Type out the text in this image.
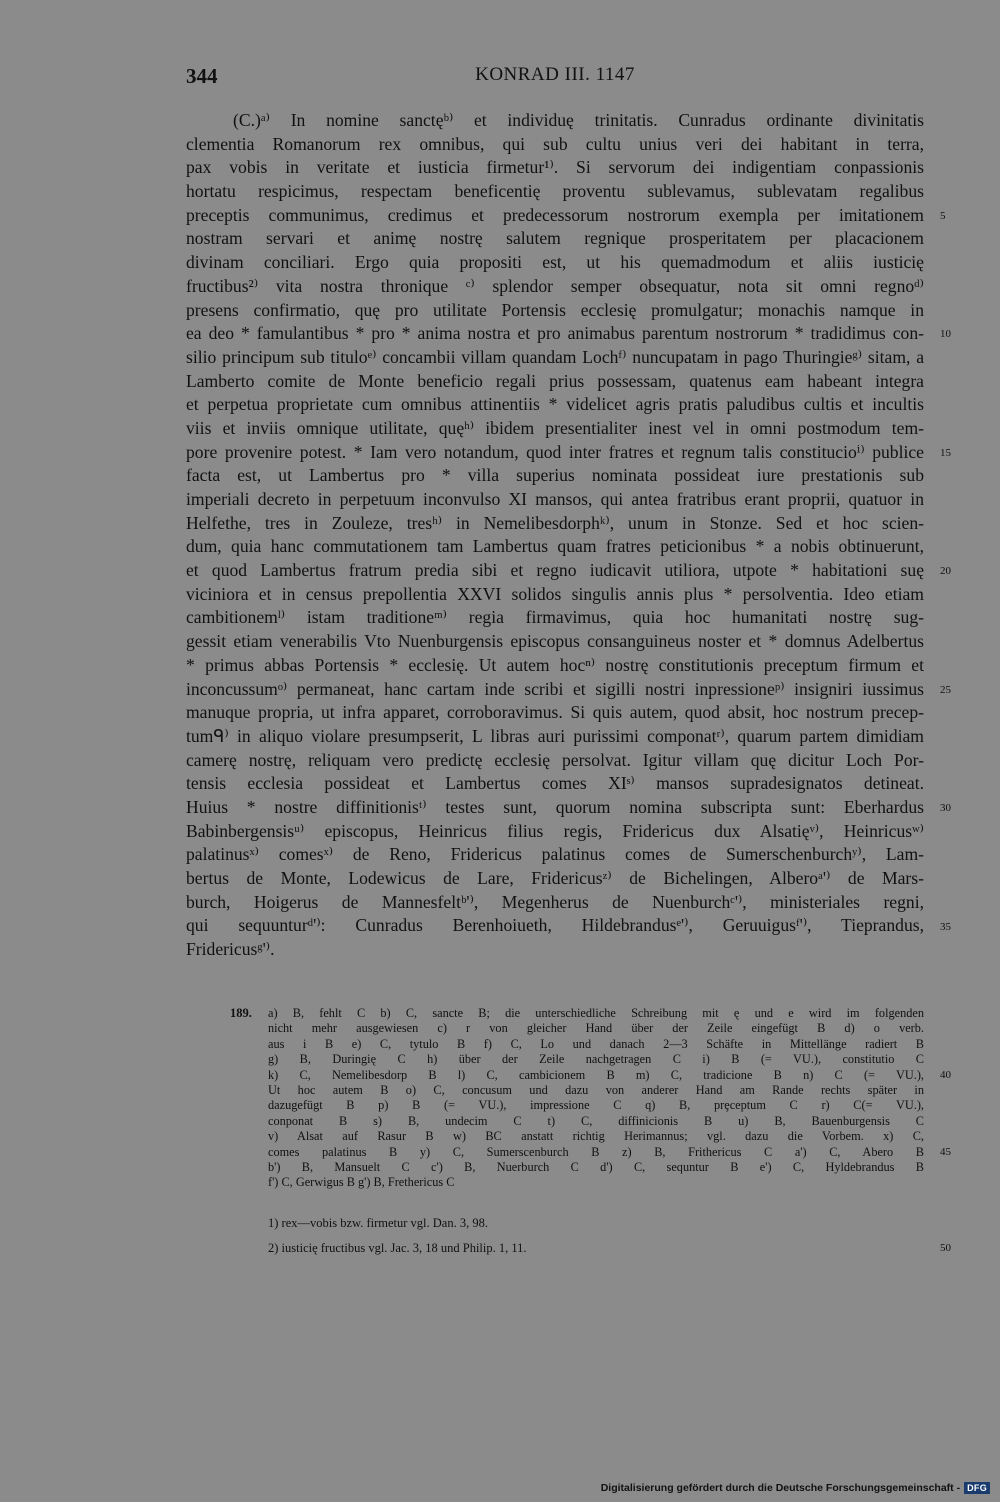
344	KONRAD III. 1147
(C.)ᵃ⁾ In nomine sanctęᵇ⁾ et individuę trinitatis. Cunradus ordinante divinitatis
clementia Romanorum rex omnibus, qui sub cultu unius veri dei habitant in terra,
pax vobis in veritate et iusticia firmetur¹⁾. Si servorum dei indigentiam conpassionis
hortatu respicimus, respectam beneficentię proventu sublevamus, sublevatam regalibus
preceptis communimus, credimus et predecessorum nostrorum exempla per imitationem
nostram servari et animę nostrę salutem regnique prosperitatem per placacionem
divinam conciliari. Ergo quia propositi est, ut his quemadmodum et aliis iusticię
fructibus²⁾ vita nostra thronique ᶜ⁾ splendor semper obsequatur, nota sit omni regnoᵈ⁾
presens confirmatio, quę pro utilitate Portensis ecclesię promulgatur; monachis namque in
ea deo * famulantibus * pro * anima nostra et pro animabus parentum nostrorum * tradidimus con-
silio principum sub tituloᵉ⁾ concambii villam quandam Lochᶠ⁾ nuncupatam in pago Thuringieᵍ⁾ sitam, a
Lamberto comite de Monte beneficio regali prius possessam, quatenus eam habeant integra
et perpetua proprietate cum omnibus attinentiis * videlicet agris pratis paludibus cultis et incultis
viis et inviis omnique utilitate, quęʰ⁾ ibidem presentialiter inest vel in omni postmodum tem-
pore provenire potest. * Iam vero notandum, quod inter fratres et regnum talis constitucioⁱ⁾ publice
facta est, ut Lambertus pro * villa superius nominata possideat iure prestationis sub
imperiali decreto in perpetuum inconvulso XI mansos, qui antea fratribus erant proprii, quatuor in
Helfethe, tres in Zouleze, tresʰ⁾ in Nemelibesdorphᵏ⁾, unum in Stonze. Sed et hoc scien-
dum, quia hanc commutationem tam Lambertus quam fratres peticionibus * a nobis obtinuerunt,
et quod Lambertus fratrum predia sibi et regno iudicavit utiliora, utpote * habitationi suę
viciniora et in census prepollentia XXVI solidos singulis annis plus * persolventia. Ideo etiam
cambitionemˡ⁾ istam traditioneᵐ⁾ regia firmavimus, quia hoc humanitati nostrę sug-
gessit etiam venerabilis Vto Nuenburgensis episcopus consanguineus noster et * domnus Adelbertus
* primus abbas Portensis * ecclesię. Ut autem hocⁿ⁾ nostrę constitutionis preceptum firmum et
inconcussumᵒ⁾ permaneat, hanc cartam inde scribi et sigilli nostri inpressioneᵖ⁾ insigniri iussimus
manuque propria, ut infra apparet, corroboravimus. Si quis autem, quod absit, hoc nostrum precep-
tumᑫ⁾ in aliquo violare presumpserit, L libras auri purissimi componatʳ⁾, quarum partem dimidiam
camerę nostrę, reliquam vero predictę ecclesię persolvat. Igitur villam quę dicitur Loch Por-
tensis ecclesia possideat et Lambertus comes XIˢ⁾ mansos supradesignatos detineat.
Huius * nostre diffinitionisᵗ⁾ testes sunt, quorum nomina subscripta sunt: Eberhardus
Babinbergensisᵘ⁾ episcopus, Heinricus filius regis, Fridericus dux Alsatięᵛ⁾, Heinricusʷ⁾
palatinusˣ⁾ comesˣ⁾ de Reno, Fridericus palatinus comes de Sumerschenburchʸ⁾, Lam-
bertus de Monte, Lodewicus de Lare, Fridericusᶻ⁾ de Bichelingen, Alberoᵃ'⁾ de Mars-
burch, Hoigerus de Mannesfeltᵇ'⁾, Megenherus de Nuenburchᶜ'⁾, ministeriales regni,
qui sequunturᵈ'⁾: Cunradus Berenhoiueth, Hildebrandusᵉ'⁾, Geruuigusᶠ'⁾, Tieprandus,
Fridericusᵍ'⁾.
5
10
15
20
25
30
35
189. a) B, fehlt C b) C, sancte B; die unterschiedliche Schreibung mit ę und e wird im folgenden
nicht mehr ausgewiesen c) r von gleicher Hand über der Zeile eingefügt B d) o verb.
aus i B e) C, tytulo B f) C, Lo und danach 2—3 Schäfte in Mittellänge radiert B
g) B, Duringię C h) über der Zeile nachgetragen C i) B (= VU.), constitutio C
k) C, Nemelibesdorp B l) C, cambicionem B m) C, tradicione B n) C (= VU.),
Ut hoc autem B o) C, concusum und dazu von anderer Hand am Rande rechts später in
dazugefügt B p) B (= VU.), impressione C q) B, prȩceptum C r) C(= VU.),
conponat B s) B, undecim C t) C, diffinicionis B u) B, Bauenburgensis C
v) Alsat auf Rasur B w) BC anstatt richtig Herimannus; vgl. dazu die Vorbem. x) C,
comes palatinus B y) C, Sumerscenburch B z) B, Frithericus C a') C, Abero B
b') B, Mansuelt C c') B, Nuerburch C d') C, sequntur B e') C, Hyldebrandus B
f') C, Gerwigus B g') B, Frethericus C
40
45
1) rex—vobis bzw. firmetur vgl. Dan. 3, 98.
2) iusticię fructibus vgl. Jac. 3, 18 und Philip. 1, 11.	50
Digitalisierung gefördert durch die Deutsche Forschungsgemeinschaft - DFG
